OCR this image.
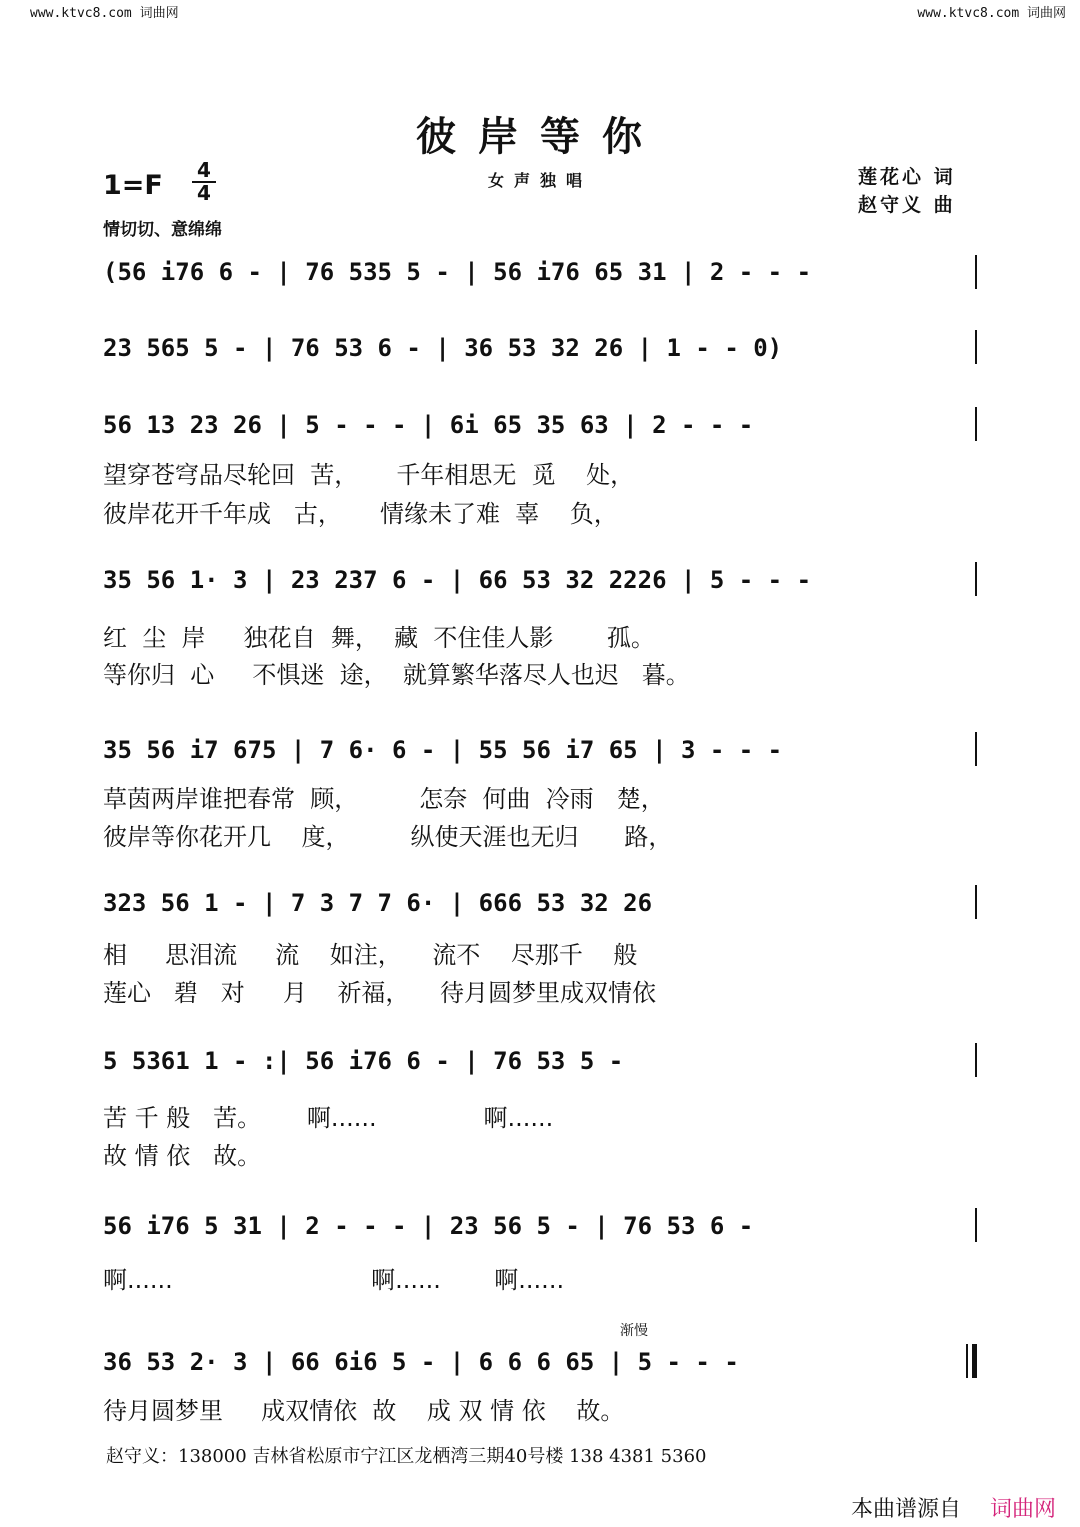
www.ktvc8.com 词曲网	www.ktvc8.com 词曲网
彼岸等你
女声独唱
1=F 4
4
情切切、意绵绵
莲花心 词
赵守义 曲
(56 i76 6 - | 76 535 5 - | 56 i76 65 31 | 2 - - -
23 565 5 - | 76 53 6 - | 36 53 32 26 | 1 - - 0)
56 13 23 26 | 5 - - - | 6i 65 35 63 | 2 - - -
望穿苍穹品尽轮回  苦，     千年相思无  觅    处，
彼岸花开千年成   古，     情缘未了难  辜    负，
35 56 1· 3 | 23 237 6 - | 66 53 32 2226 | 5 - - -
红  尘  岸     独花自  舞，  藏  不住佳人影       孤。
等你归  心     不惧迷  途，  就算繁华落尽人也迟   暮。
35 56 i7 675 | 7 6· 6 - | 55 56 i7 65 | 3 - - -
草茵两岸谁把春常  顾，        怎奈  何曲  冷雨   楚，
彼岸等你花开几    度，        纵使天涯也无归      路，
323 56 1 - | 7 3 7 7 6· | 666 53 32 26
相     思泪流     流    如注，    流不    尽那千    般
莲心   碧   对     月    祈福，    待月圆梦里成双情依
5 5361 1 - :| 56 i76 6 - | 76 53 5 -
苦 千 般   苦。      啊......              啊......
故 情 依   故。
56 i76 5 31 | 2 - - - | 23 56 5 - | 76 53 6 -
啊......                          啊......       啊......
渐慢
36 53 2· 3 | 66 6i6 5 - | 6 6 6 65 | 5 - - -
待月圆梦里     成双情依  故    成 双 情 依    故。
赵守义：138000 吉林省松原市宁江区龙栖湾三期40号楼 138 4381 5360
本曲谱源自 词曲网
